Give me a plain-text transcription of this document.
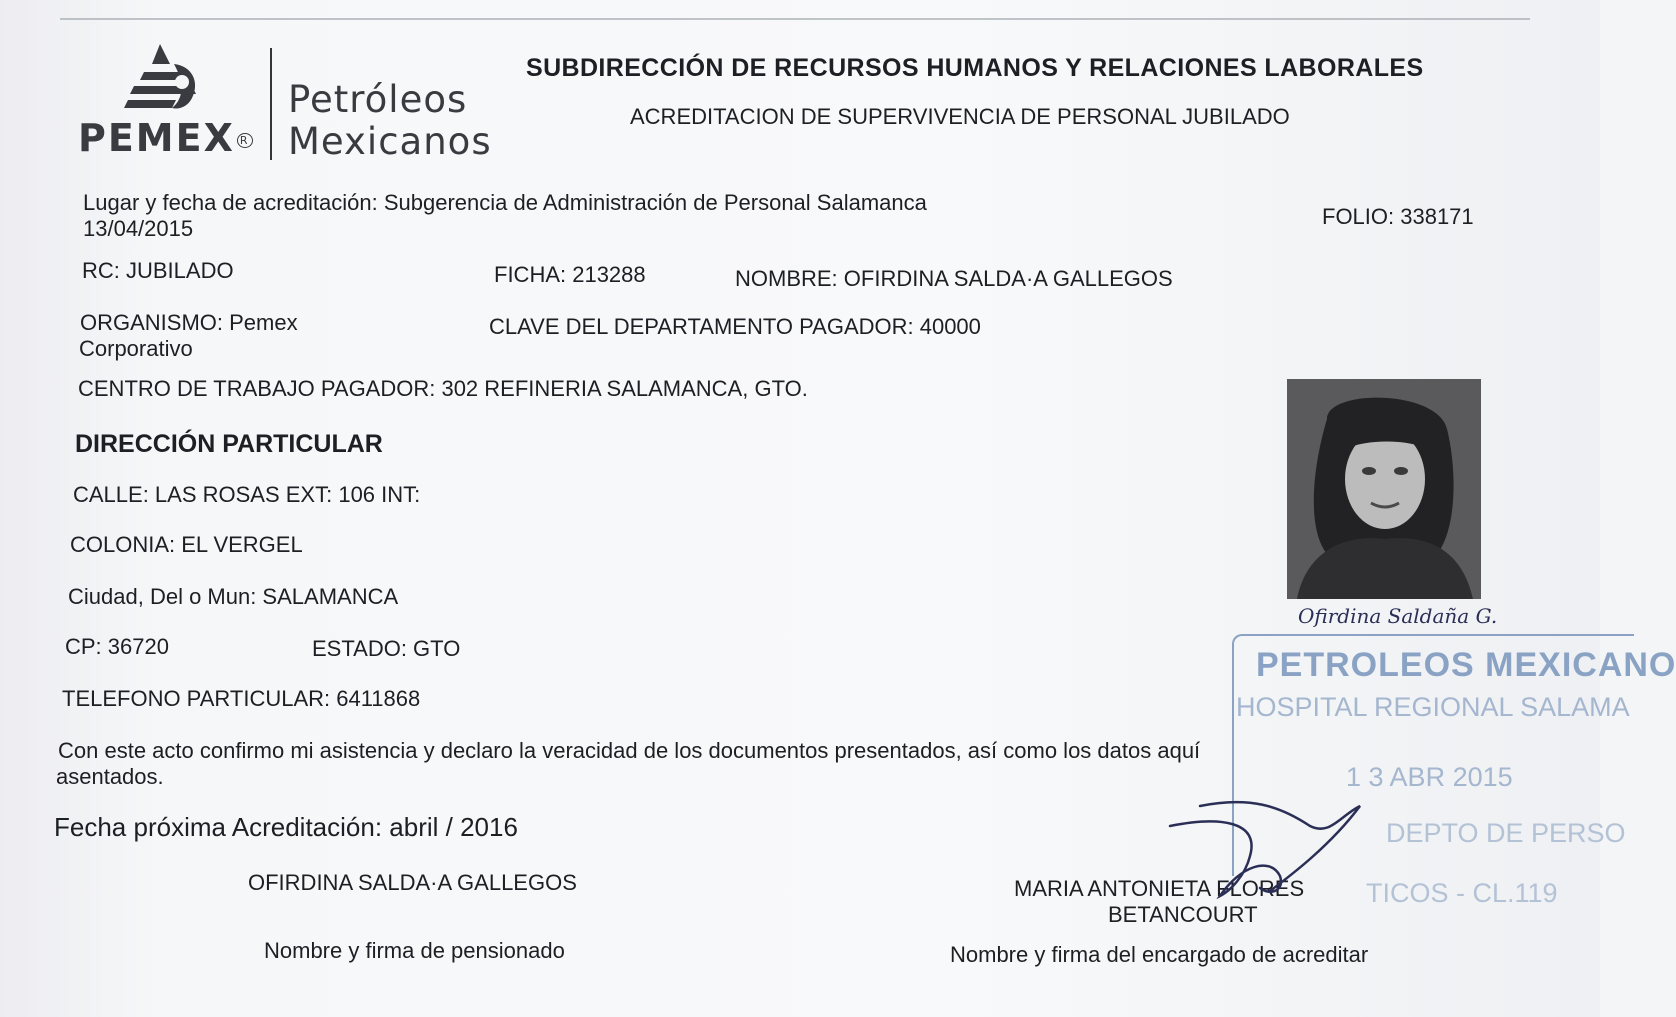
PEMEX R
Petróleos
Mexicanos
SUBDIRECCIÓN DE RECURSOS HUMANOS Y RELACIONES LABORALES
ACREDITACION DE SUPERVIVENCIA DE PERSONAL JUBILADO
Lugar y fecha de acreditación: Subgerencia de Administración de Personal Salamanca
13/04/2015	FOLIO: 338171
RC: JUBILADO	FICHA: 213288	NOMBRE: OFIRDINA SALDA·A GALLEGOS
ORGANISMO: Pemex
Corporativo
CLAVE DEL DEPARTAMENTO PAGADOR: 40000
CENTRO DE TRABAJO PAGADOR: 302 REFINERIA SALAMANCA, GTO.
DIRECCIÓN PARTICULAR
CALLE: LAS ROSAS EXT: 106 INT:
COLONIA: EL VERGEL
Ciudad, Del o Mun: SALAMANCA
CP: 36720	ESTADO: GTO
TELEFONO PARTICULAR: 6411868
Con este acto confirmo mi asistencia y declaro la veracidad de los documentos presentados, así como los datos aquí
asentados.
Fecha próxima Acreditación: abril / 2016
OFIRDINA SALDA·A GALLEGOS
Nombre y firma de pensionado
MARIA ANTONIETA FLORES
BETANCOURT
Nombre y firma del encargado de acreditar
Ofirdina Saldaña G.
PETROLEOS MEXICANO
HOSPITAL REGIONAL SALAMA
1 3 ABR 2015
DEPTO DE PERSO
TICOS - CL.119
